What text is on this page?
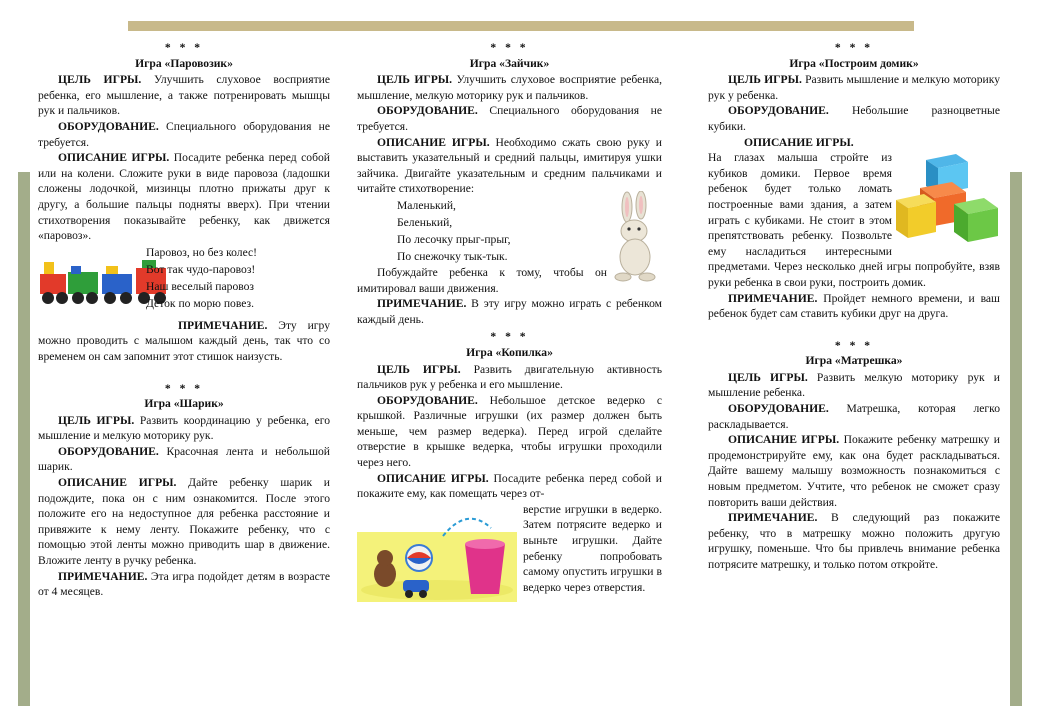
* * *
Игра «Паровозик»

ЦЕЛЬ ИГРЫ. Улучшить слуховое восприятие ребенка, его мышление, а также потренировать мышцы рук и пальчиков.

ОБОРУДОВАНИЕ. Специального оборудования не требуется.

ОПИСАНИЕ ИГРЫ. Посадите ребенка перед собой или на колени. Сложите руки в виде паровоза (ладошки сложены лодочкой, мизинцы плотно прижаты друг к другу, а большие пальцы подняты вверх). При чтении стихотворения показывайте ребенку, как движется «паровоз».

Паровоз, но без колес!
Вот так чудо-паровоз!
Наш веселый паровоз
Деток по морю повез.

ПРИМЕЧАНИЕ. Эту игру можно проводить с малышом каждый день, так что со временем он сам запомнит этот стишок наизусть.

* * *
Игра «Шарик»

ЦЕЛЬ ИГРЫ. Развить координацию у ребенка, его мышление и мелкую моторику рук.

ОБОРУДОВАНИЕ. Красочная лента и небольшой шарик.

ОПИСАНИЕ ИГРЫ. Дайте ребенку шарик и подождите, пока он с ним ознакомится. После этого положите его на недоступное для ребенка расстояние и привяжите к нему ленту. Покажите ребенку, что с помощью этой ленты можно приводить шар в движение. Вложите ленту в ручку ребенка.

ПРИМЕЧАНИЕ. Эта игра подойдет детям в возрасте от 4 месяцев.

* * *
Игра «Зайчик»

ЦЕЛЬ ИГРЫ. Улучшить слуховое восприятие ребенка, мышление, мелкую моторику рук и пальчиков.

ОБОРУДОВАНИЕ. Специального оборудования не требуется.

ОПИСАНИЕ ИГРЫ. Необходимо сжать свою руку и выставить указательный и средний пальцы, имитируя ушки зайчика. Двигайте указательным и средним пальчиками и читайте стихотворение:

Маленький,
Беленький,
По лесочку прыг-прыг,
По снежочку тык-тык.

Побуждайте ребенка к тому, чтобы он имитировал ваши движения.

ПРИМЕЧАНИЕ. В эту игру можно играть с ребенком каждый день.

* * *
Игра «Копилка»

ЦЕЛЬ ИГРЫ. Развить двигательную активность пальчиков рук у ребенка и его мышление.

ОБОРУДОВАНИЕ. Небольшое детское ведерко с крышкой. Различные игрушки (их размер должен быть меньше, чем размер ведерка). Перед игрой сделайте отверстие в крышке ведерка, чтобы игрушки проходили через него.

ОПИСАНИЕ ИГРЫ. Посадите ребенка перед собой и покажите ему, как помещать через от-

верстие игрушки в ведерко. Затем потрясите ведерко и выньте игрушки. Дайте ребенку попробовать самому опустить игрушки в ведерко через отверстия.

* * *
Игра «Построим домик»

ЦЕЛЬ ИГРЫ. Развить мышление и мелкую моторику рук у ребенка.

ОБОРУДОВАНИЕ. Небольшие разноцветные кубики.

ОПИСАНИЕ ИГРЫ.

На глазах малыша стройте из кубиков домики. Первое время ребенок будет только ломать построенные вами здания, а затем играть с кубиками. Не стоит в этом препятствовать ребенку. Позвольте ему насладиться интересными предметами. Через несколько дней игры попробуйте, взяв руки ребенка в свои руки, построить домик.

ПРИМЕЧАНИЕ. Пройдет немного времени, и ваш ребенок будет сам ставить кубики друг на друга.

* * *
Игра «Матрешка»

ЦЕЛЬ ИГРЫ. Развить мелкую моторику рук и мышление ребенка.

ОБОРУДОВАНИЕ. Матрешка, которая легко раскладывается.

ОПИСАНИЕ ИГРЫ. Покажите ребенку матрешку и продемонстрируйте ему, как она будет раскладываться. Дайте вашему малышу возможность познакомиться с новым предметом. Учтите, что ребенок не сможет сразу повторить ваши действия.

ПРИМЕЧАНИЕ. В следующий раз покажите ребенку, что в матрешку можно положить другую игрушку, поменьше. Что бы привлечь внимание ребенка потрясите матрешку, и только потом откройте.
